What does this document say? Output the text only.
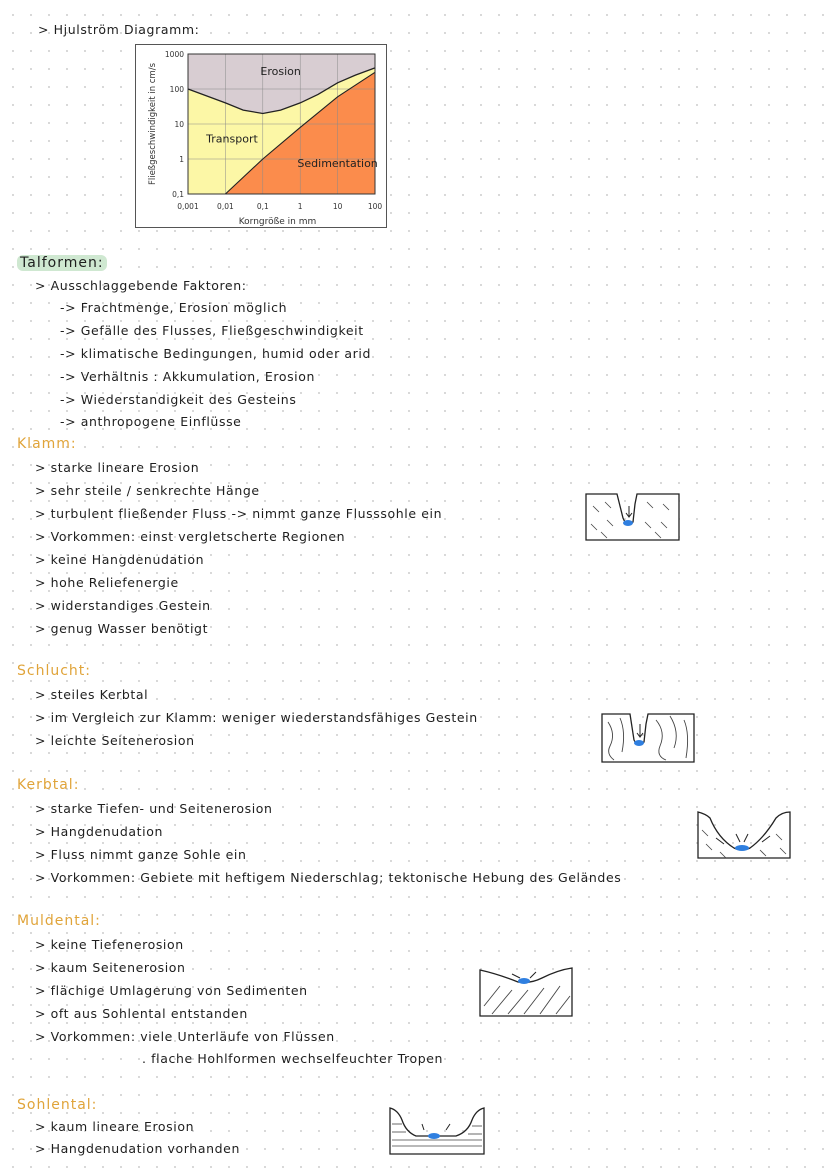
> Hjulström Diagramm:
0,001 0,01	0,1	1	10	100
0,1
1
10
100
1000
Korngröße in mm
Fließgeschwindigkeit in cm/s	Erosion
Transport
Sedimentation
Talformen:
> Ausschlaggebende Faktoren:
-> Frachtmenge, Erosion möglich
-> Gefälle des Flusses, Fließgeschwindigkeit
-> klimatische Bedingungen, humid oder arid
-> Verhältnis : Akkumulation, Erosion
-> Wiederstandigkeit des Gesteins
-> anthropogene Einflüsse
Klamm:
> starke lineare Erosion
> sehr steile / senkrechte Hänge
> turbulent fließender Fluss -> nimmt ganze Flusssohle ein
> Vorkommen: einst vergletscherte Regionen
> keine Hangdenudation
> hohe Reliefenergie
> widerstandiges Gestein
> genug Wasser benötigt
Schlucht:
> steiles Kerbtal
> im Vergleich zur Klamm: weniger wiederstandsfähiges Gestein
> leichte Seitenerosion
Kerbtal:
> starke Tiefen- und Seitenerosion
> Hangdenudation
> Fluss nimmt ganze Sohle ein
> Vorkommen: Gebiete mit heftigem Niederschlag; tektonische Hebung des Geländes
Muldental:
> keine Tiefenerosion
> kaum Seitenerosion
> flächige Umlagerung von Sedimenten
> oft aus Sohlental entstanden
> Vorkommen: viele Unterläufe von Flüssen
. flache Hohlformen wechselfeuchter Tropen
Sohlental:
> kaum lineare Erosion
> Hangdenudation vorhanden
